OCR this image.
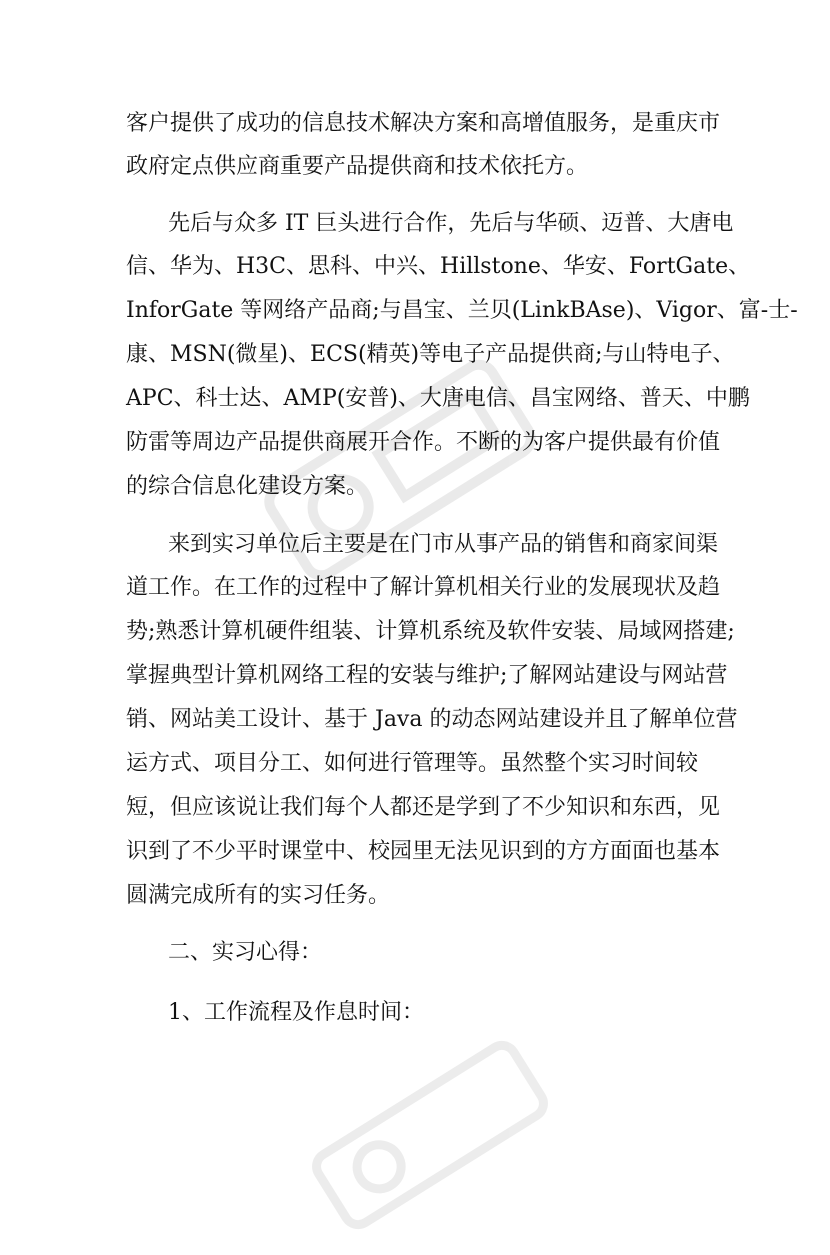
客户提供了成功的信息技术解决方案和高增值服务，是重庆市
政府定点供应商重要产品提供商和技术依托方。
先后与众多 IT 巨头进行合作，先后与华硕、迈普、大唐电
信、华为、H3C、思科、中兴、Hillstone、华安、FortGate、
InforGate 等网络产品商;与昌宝、兰贝(LinkBAse)、Vigor、富-士-
康、MSN(微星)、ECS(精英)等电子产品提供商;与山特电子、
APC、科士达、AMP(安普)、大唐电信、昌宝网络、普天、中鹏
防雷等周边产品提供商展开合作。不断的为客户提供最有价值
的综合信息化建设方案。
来到实习单位后主要是在门市从事产品的销售和商家间渠
道工作。在工作的过程中了解计算机相关行业的发展现状及趋
势;熟悉计算机硬件组装、计算机系统及软件安装、局域网搭建;
掌握典型计算机网络工程的安装与维护;了解网站建设与网站营
销、网站美工设计、基于 Java 的动态网站建设并且了解单位营
运方式、项目分工、如何进行管理等。虽然整个实习时间较
短，但应该说让我们每个人都还是学到了不少知识和东西，见
识到了不少平时课堂中、校园里无法见识到的方方面面也基本
圆满完成所有的实习任务。
二、实习心得：
1、工作流程及作息时间：
